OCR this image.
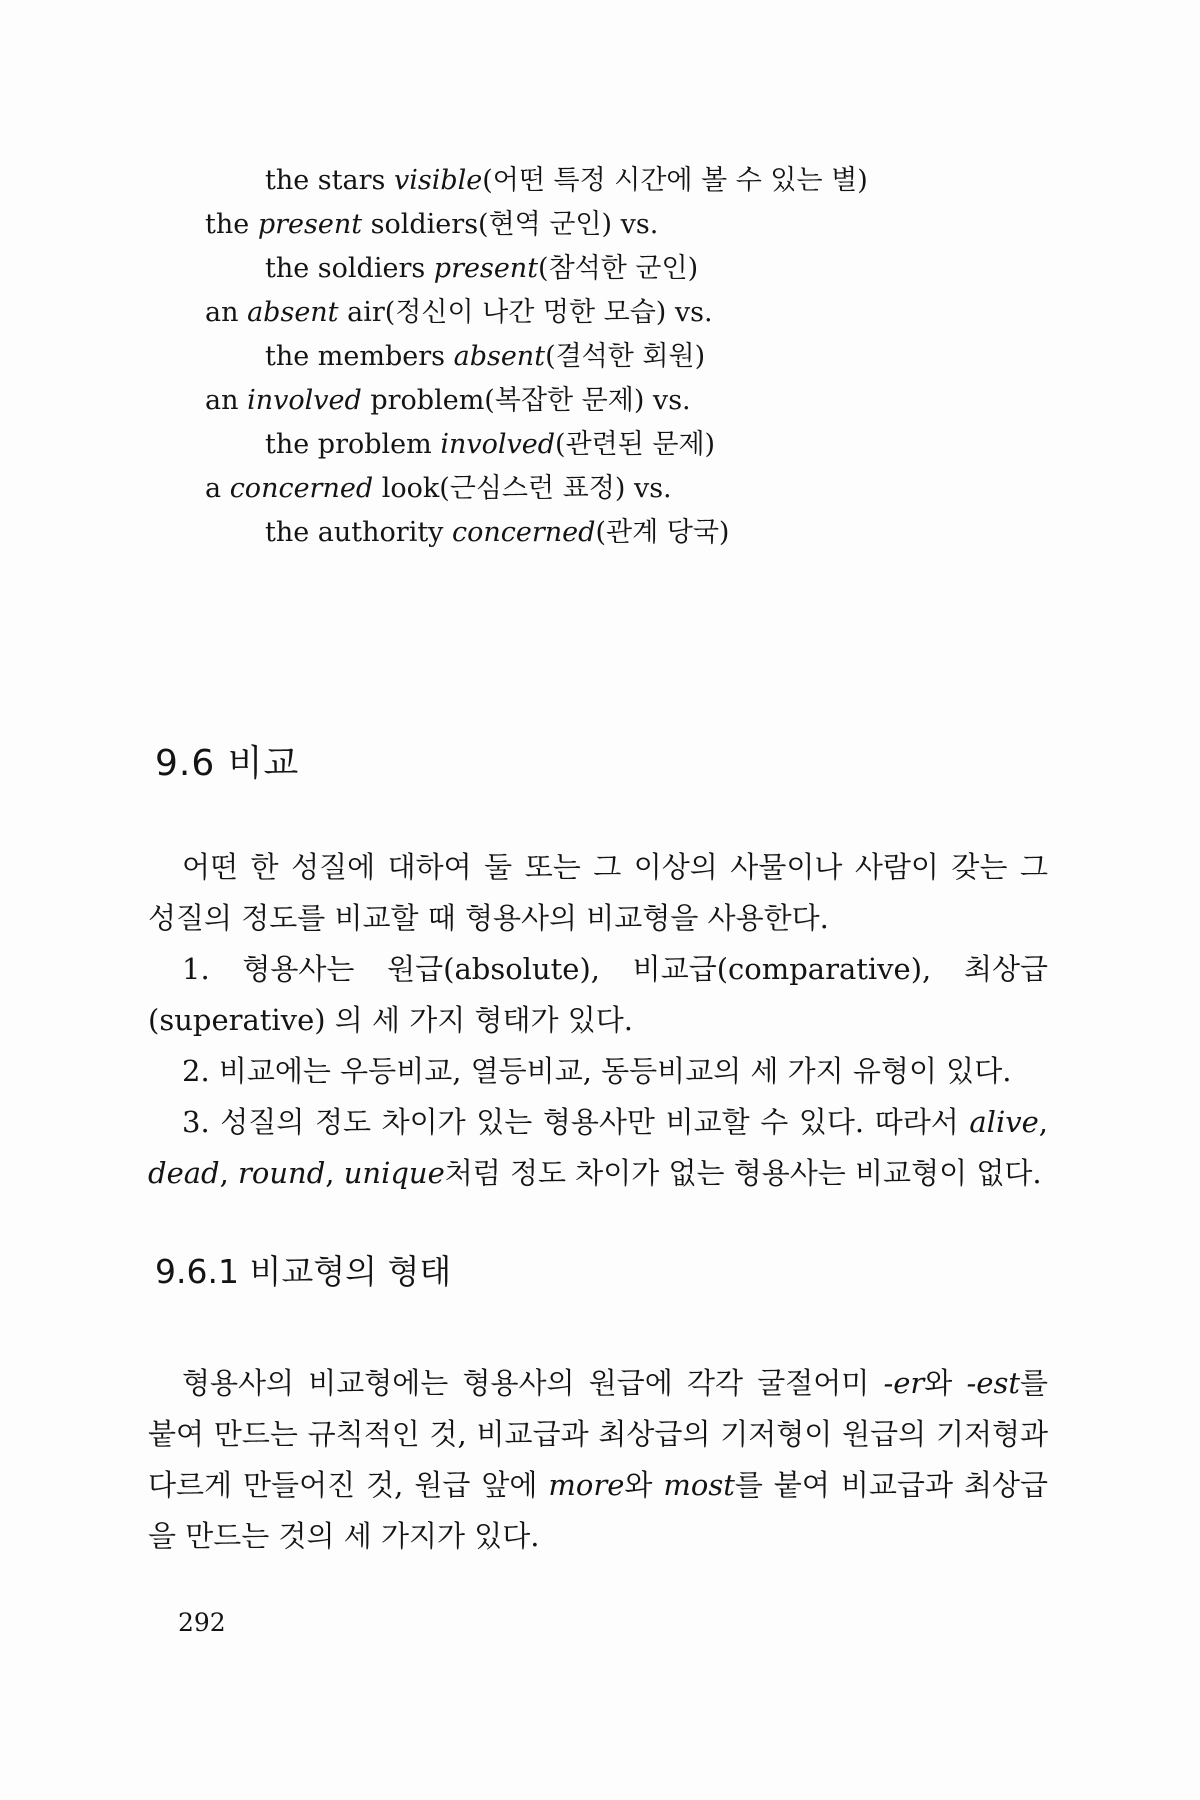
the stars visible(어떤 특정 시간에 볼 수 있는 별)
the present soldiers(현역 군인) vs.
the soldiers present(참석한 군인)
an absent air(정신이 나간 멍한 모습) vs.
the members absent(결석한 회원)
an involved problem(복잡한 문제) vs.
the problem involved(관련된 문제)
a concerned look(근심스런 표정) vs.
the authority concerned(관계 당국)
9.6 비교
어떤 한 성질에 대하여 둘 또는 그 이상의 사물이나 사람이 갖는 그 성질의 정도를 비교할 때 형용사의 비교형을 사용한다.
1. 형용사는 원급(absolute), 비교급(comparative), 최상급(superative) 의 세 가지 형태가 있다.
2. 비교에는 우등비교, 열등비교, 동등비교의 세 가지 유형이 있다.
3. 성질의 정도 차이가 있는 형용사만 비교할 수 있다. 따라서 alive, dead, round, unique처럼 정도 차이가 없는 형용사는 비교형이 없다.
9.6.1 비교형의 형태
형용사의 비교형에는 형용사의 원급에 각각 굴절어미 -er와 -est를 붙여 만드는 규칙적인 것, 비교급과 최상급의 기저형이 원급의 기저형과 다르게 만들어진 것, 원급 앞에 more와 most를 붙여 비교급과 최상급을 만드는 것의 세 가지가 있다.
292
